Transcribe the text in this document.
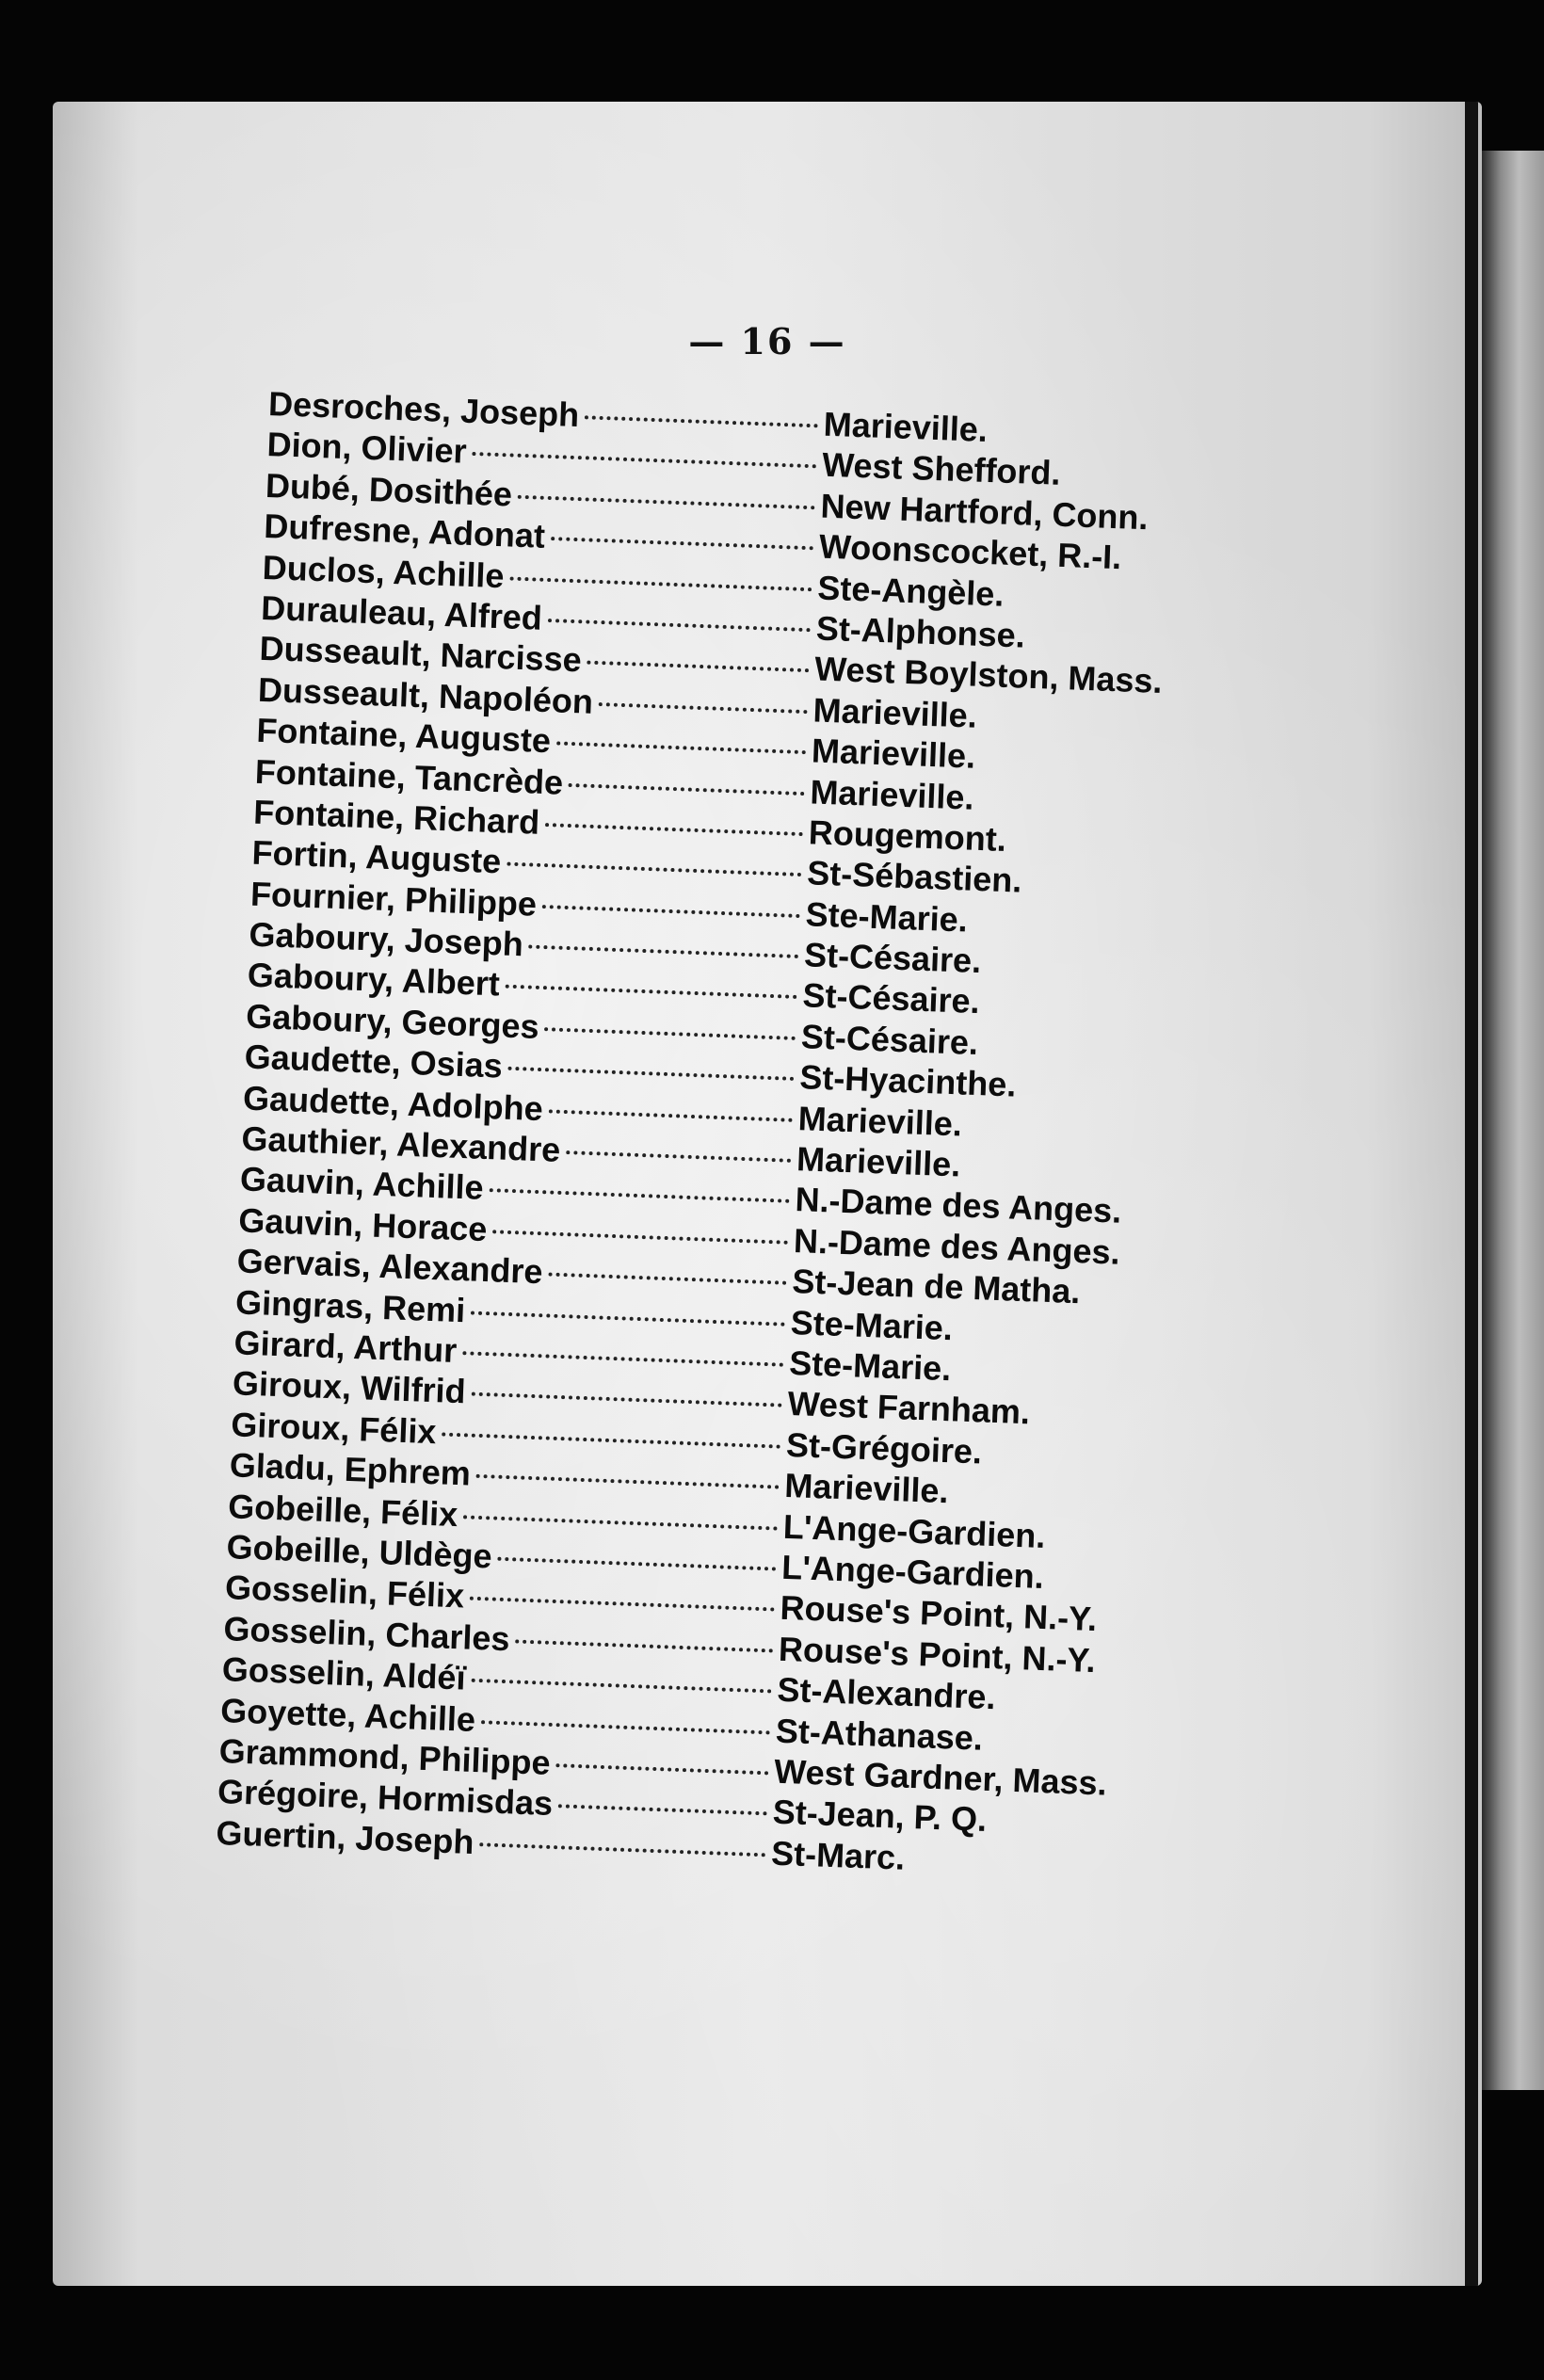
— 16 —
Desroches, Joseph	Marieville.
Dion, Olivier	West Shefford.
Dubé, Dosithée	New Hartford, Conn.
Dufresne, Adonat	Woonscocket, R.-I.
Duclos, Achille	Ste-Angèle.
Durauleau, Alfred	St-Alphonse.
Dusseault, Narcisse	West Boylston, Mass.
Dusseault, Napoléon	Marieville.
Fontaine, Auguste	Marieville.
Fontaine, Tancrède	Marieville.
Fontaine, Richard	Rougemont.
Fortin, Auguste	St-Sébastien.
Fournier, Philippe	Ste-Marie.
Gaboury, Joseph	St-Césaire.
Gaboury, Albert	St-Césaire.
Gaboury, Georges	St-Césaire.
Gaudette, Osias	St-Hyacinthe.
Gaudette, Adolphe	Marieville.
Gauthier, Alexandre	Marieville.
Gauvin, Achille	N.-Dame des Anges.
Gauvin, Horace	N.-Dame des Anges.
Gervais, Alexandre	St-Jean de Matha.
Gingras, Remi	Ste-Marie.
Girard, Arthur	Ste-Marie.
Giroux, Wilfrid	West Farnham.
Giroux, Félix	St-Grégoire.
Gladu, Ephrem	Marieville.
Gobeille, Félix	L'Ange-Gardien.
Gobeille, Uldège	L'Ange-Gardien.
Gosselin, Félix	Rouse's Point, N.-Y.
Gosselin, Charles	Rouse's Point, N.-Y.
Gosselin, Aldéï	St-Alexandre.
Goyette, Achille	St-Athanase.
Grammond, Philippe	West Gardner, Mass.
Grégoire, Hormisdas	St-Jean, P. Q.
Guertin, Joseph	St-Marc.
